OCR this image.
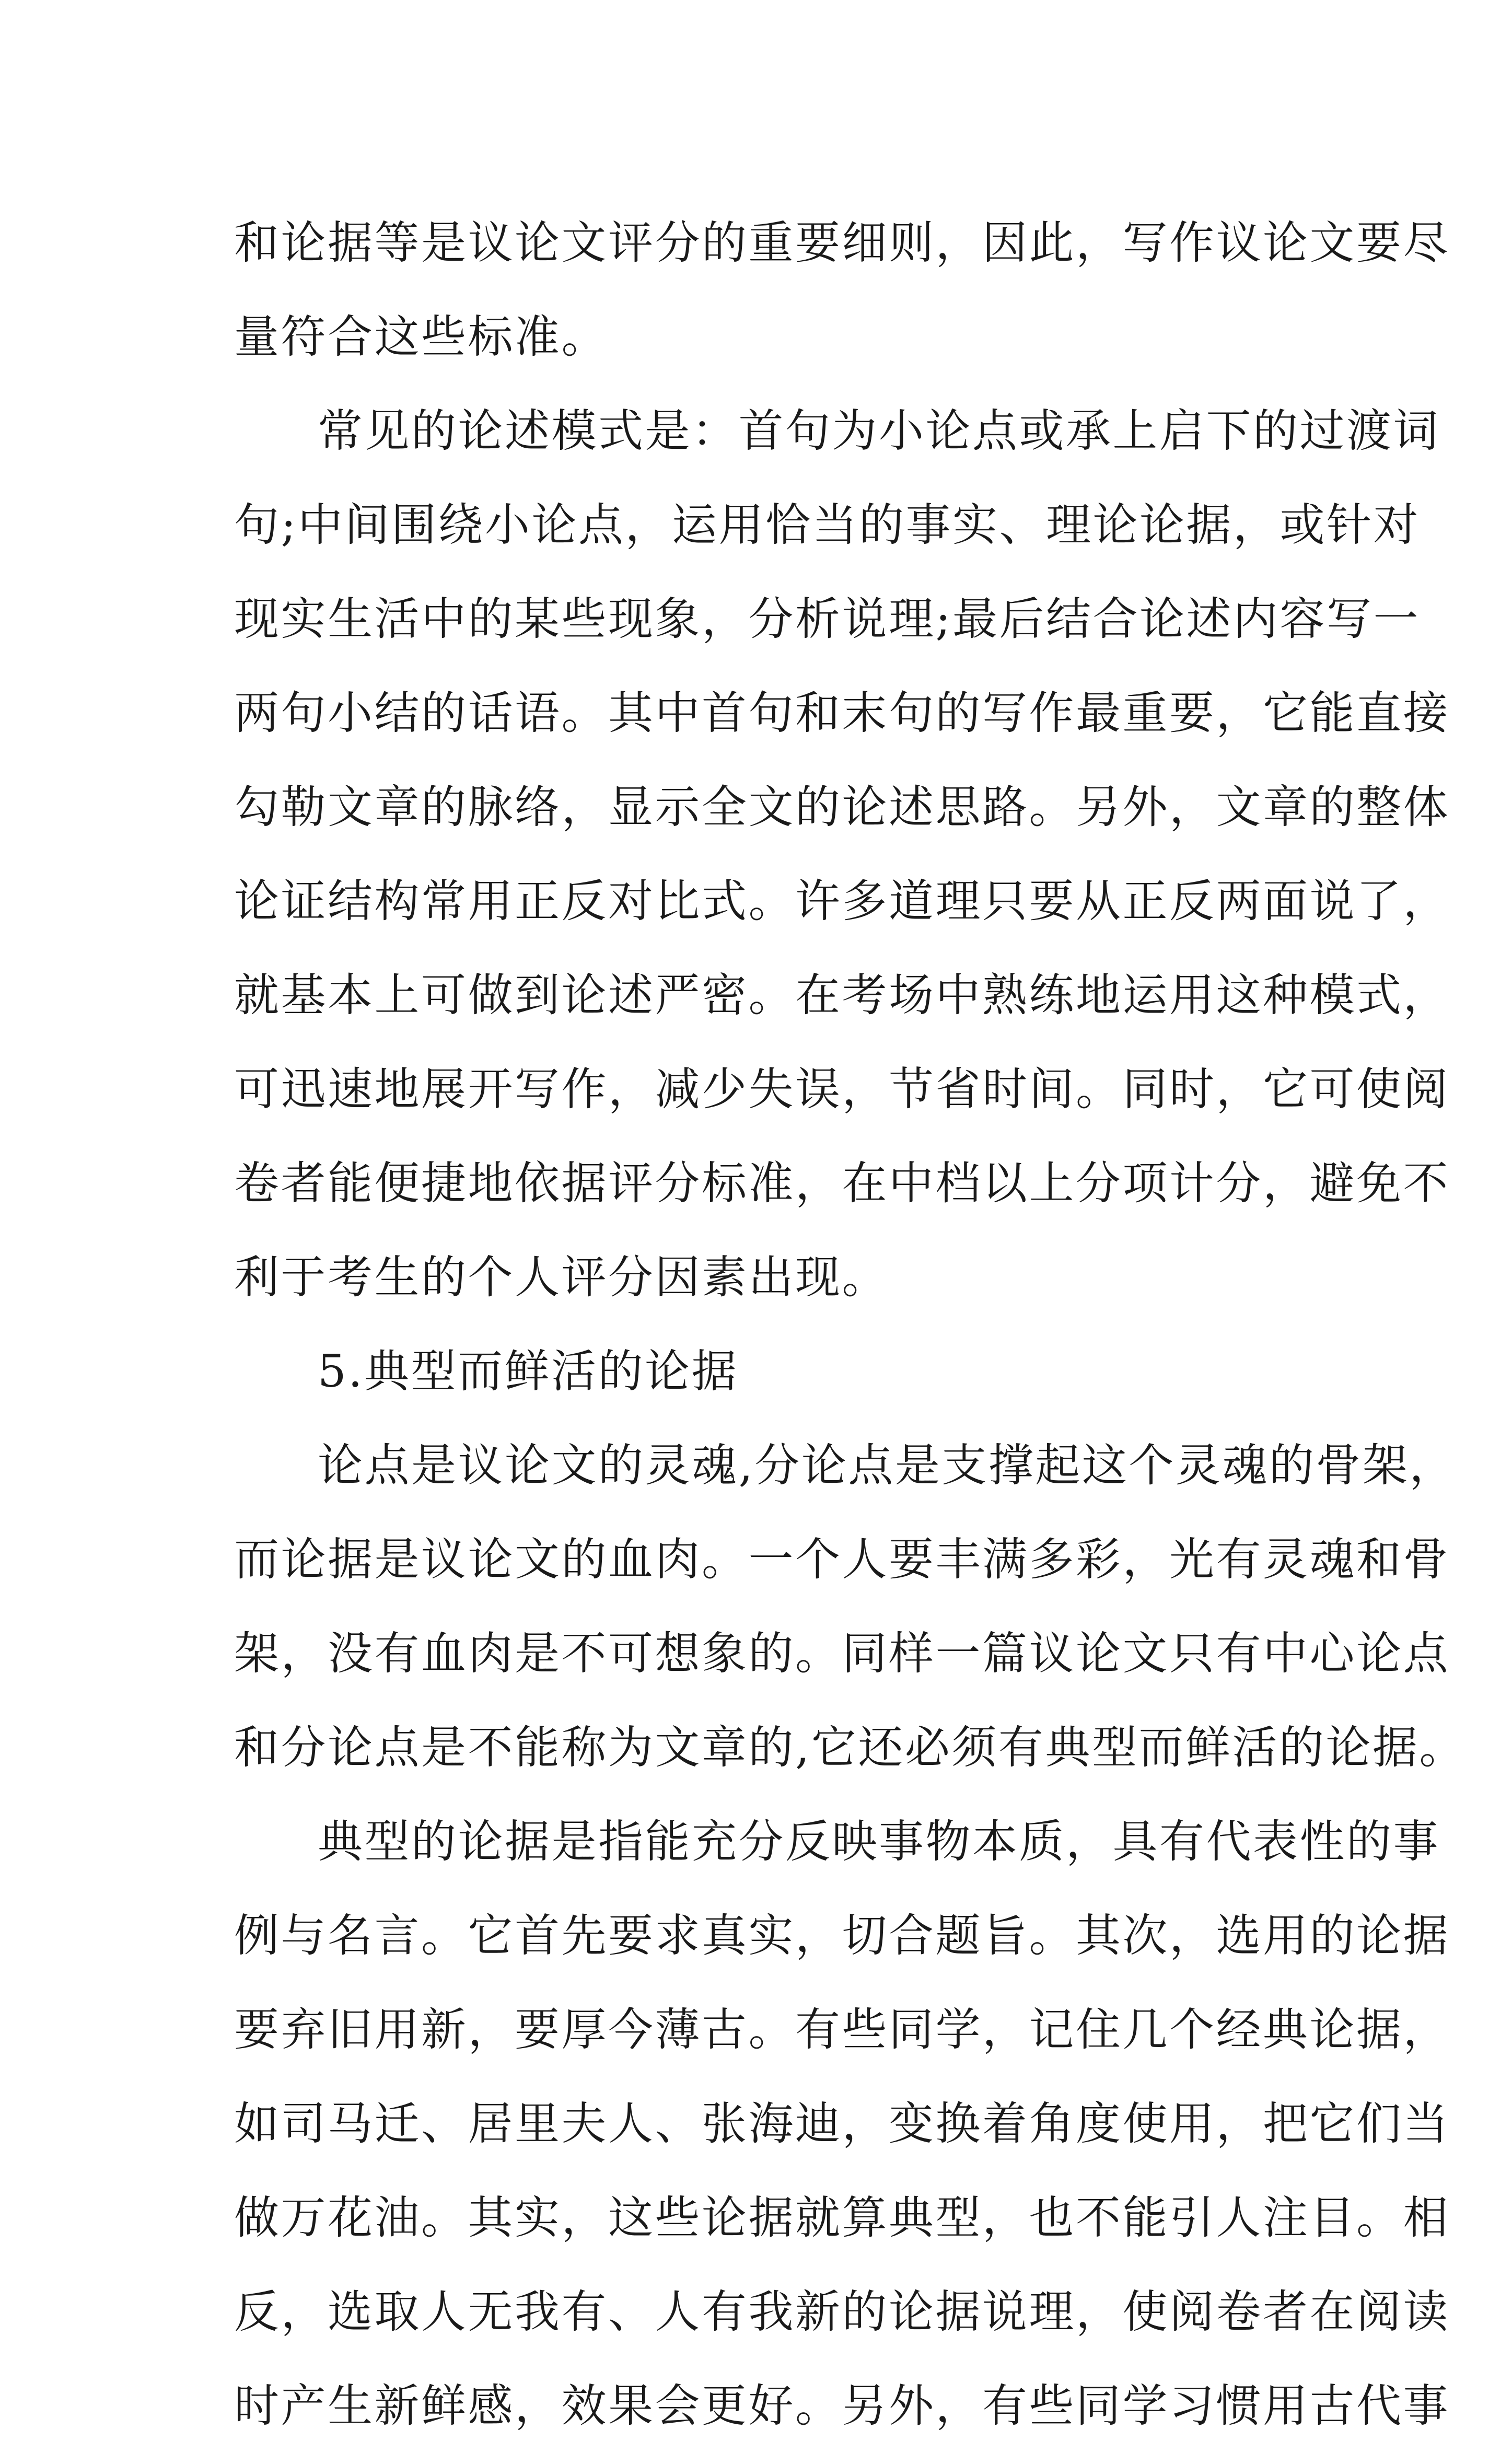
和论据等是议论文评分的重要细则，因此，写作议论文要尽
量符合这些标准。
常见的论述模式是：首句为小论点或承上启下的过渡词
句;中间围绕小论点，运用恰当的事实、理论论据，或针对
现实生活中的某些现象，分析说理;最后结合论述内容写一
两句小结的话语。其中首句和末句的写作最重要，它能直接
勾勒文章的脉络，显示全文的论述思路。另外，文章的整体
论证结构常用正反对比式。许多道理只要从正反两面说了，
就基本上可做到论述严密。在考场中熟练地运用这种模式，
可迅速地展开写作，减少失误，节省时间。同时，它可使阅
卷者能便捷地依据评分标准，在中档以上分项计分，避免不
利于考生的个人评分因素出现。
5.典型而鲜活的论据
论点是议论文的灵魂,分论点是支撑起这个灵魂的骨架，
而论据是议论文的血肉。一个人要丰满多彩，光有灵魂和骨
架，没有血肉是不可想象的。同样一篇议论文只有中心论点
和分论点是不能称为文章的,它还必须有典型而鲜活的论据。
典型的论据是指能充分反映事物本质，具有代表性的事
例与名言。它首先要求真实，切合题旨。其次，选用的论据
要弃旧用新，要厚今薄古。有些同学，记住几个经典论据，
如司马迁、居里夫人、张海迪，变换着角度使用，把它们当
做万花油。其实，这些论据就算典型，也不能引人注目。相
反，选取人无我有、人有我新的论据说理，使阅卷者在阅读
时产生新鲜感，效果会更好。另外，有些同学习惯用古代事
